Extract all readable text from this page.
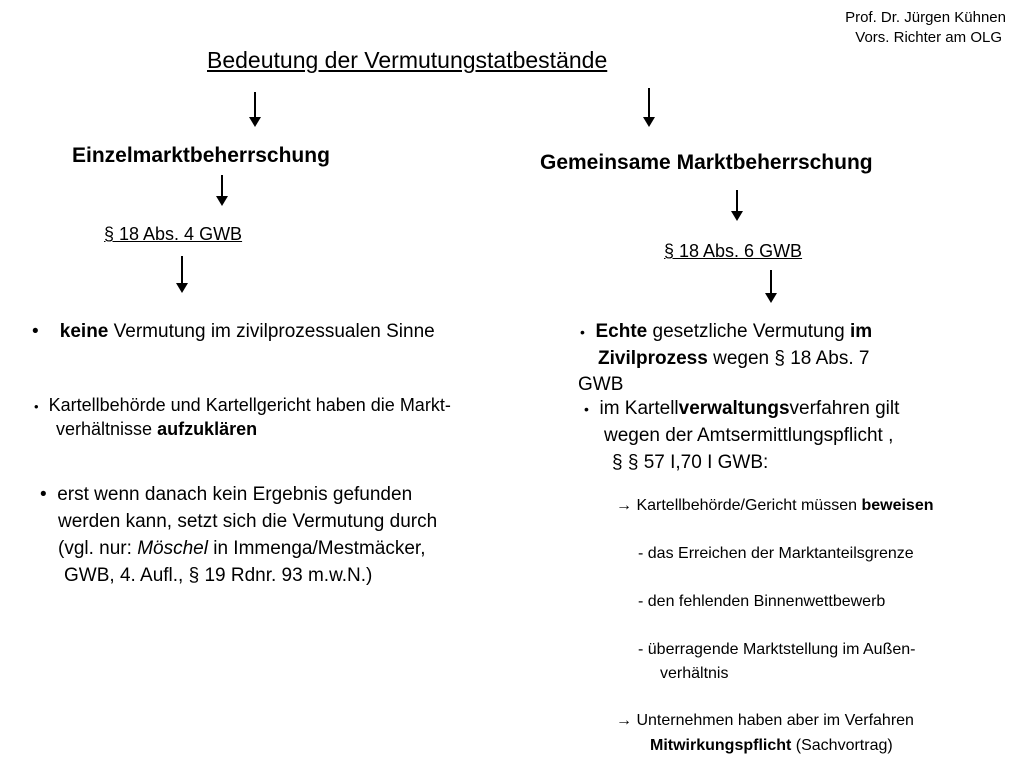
Prof. Dr. Jürgen Kühnen
Vors. Richter am OLG
Bedeutung der Vermutungstatbestände
Einzelmarktbeherrschung
§ 18 Abs. 4 GWB
• keine Vermutung im zivilprozessualen Sinne
• Kartellbehörde und Kartellgericht haben die Markt-
verhältnisse aufzuklären
• erst wenn danach kein Ergebnis gefunden
werden kann, setzt sich die Vermutung durch
(vgl. nur: Möschel in Immenga/Mestmäcker,
GWB, 4. Aufl., § 19 Rdnr. 93 m.w.N.)
Gemeinsame Marktbeherrschung
§ 18 Abs. 6 GWB
• Echte gesetzliche Vermutung im
Zivilprozess wegen § 18 Abs. 7
GWB
• im Kartellverwaltungsverfahren gilt
wegen der Amtsermittlungspflicht ,
§ § 57 I,70 I GWB:
→ Kartellbehörde/Gericht müssen beweisen
- das Erreichen der Marktanteilsgrenze
- den fehlenden Binnenwettbewerb
- überragende Marktstellung im Außen-
verhältnis
→ Unternehmen haben aber im Verfahren
Mitwirkungspflicht (Sachvortrag)
